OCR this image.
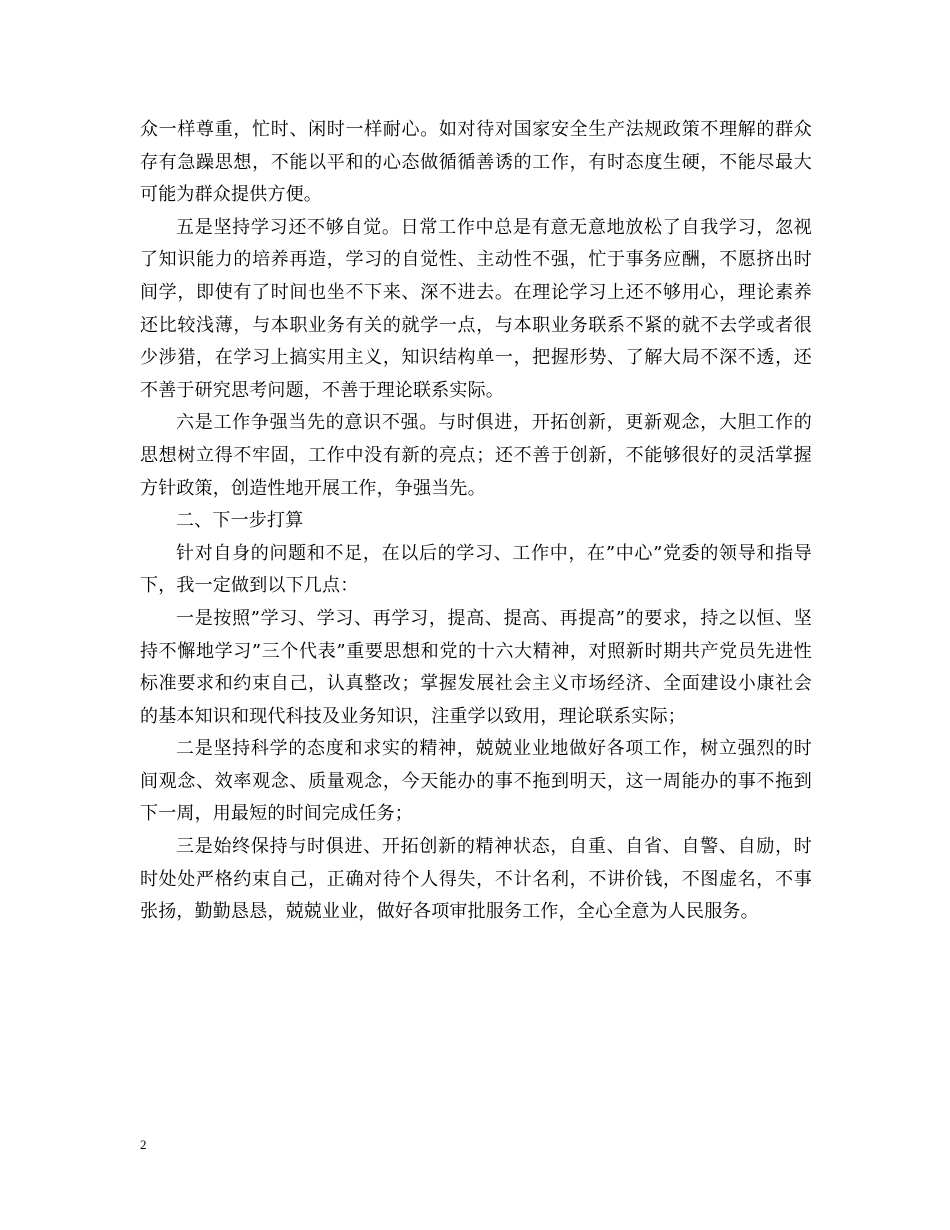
众一样尊重，忙时、闲时一样耐心。如对待对国家安全生产法规政策不理解的群众存有急躁思想，不能以平和的心态做循循善诱的工作，有时态度生硬，不能尽最大可能为群众提供方便。

五是坚持学习还不够自觉。日常工作中总是有意无意地放松了自我学习，忽视了知识能力的培养再造，学习的自觉性、主动性不强，忙于事务应酬，不愿挤出时间学，即使有了时间也坐不下来、深不进去。在理论学习上还不够用心，理论素养还比较浅薄，与本职业务有关的就学一点，与本职业务联系不紧的就不去学或者很少涉猎，在学习上搞实用主义，知识结构单一，把握形势、了解大局不深不透，还不善于研究思考问题，不善于理论联系实际。

六是工作争强当先的意识不强。与时俱进，开拓创新，更新观念，大胆工作的思想树立得不牢固，工作中没有新的亮点；还不善于创新，不能够很好的灵活掌握方针政策，创造性地开展工作，争强当先。

二、下一步打算

针对自身的问题和不足，在以后的学习、工作中，在”中心”党委的领导和指导下，我一定做到以下几点：

一是按照”学习、学习、再学习，提高、提高、再提高”的要求，持之以恒、坚持不懈地学习”三个代表”重要思想和党的十六大精神，对照新时期共产党员先进性标准要求和约束自己，认真整改；掌握发展社会主义市场经济、全面建设小康社会的基本知识和现代科技及业务知识，注重学以致用，理论联系实际；

二是坚持科学的态度和求实的精神，兢兢业业地做好各项工作，树立强烈的时间观念、效率观念、质量观念，今天能办的事不拖到明天，这一周能办的事不拖到下一周，用最短的时间完成任务；

三是始终保持与时俱进、开拓创新的精神状态，自重、自省、自警、自励，时时处处严格约束自己，正确对待个人得失，不计名利，不讲价钱，不图虚名，不事张扬，勤勤恳恳，兢兢业业，做好各项审批服务工作，全心全意为人民服务。

2
